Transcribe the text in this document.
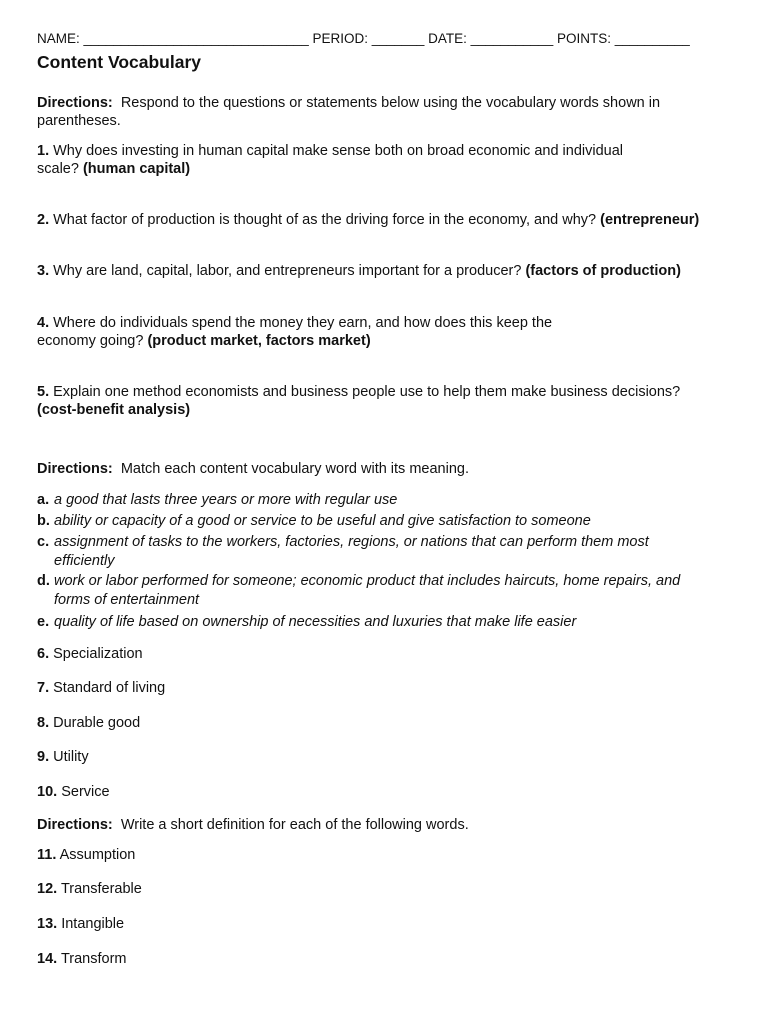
NAME: ______________________________ PERIOD: _______ DATE: ___________ POINTS: __________
Content Vocabulary
Directions: Respond to the questions or statements below using the vocabulary words shown in parentheses.
1. Why does investing in human capital make sense both on broad economic and individual
scale? (human capital)
2. What factor of production is thought of as the driving force in the economy, and why? (entrepreneur)
3. Why are land, capital, labor, and entrepreneurs important for a producer? (factors of production)
4. Where do individuals spend the money they earn, and how does this keep the
economy going? (product market, factors market)
5. Explain one method economists and business people use to help them make business decisions?
(cost-benefit analysis)
Directions: Match each content vocabulary word with its meaning.
a. a good that lasts three years or more with regular use
b. ability or capacity of a good or service to be useful and give satisfaction to someone
c. assignment of tasks to the workers, factories, regions, or nations that can perform them most efficiently
d. work or labor performed for someone; economic product that includes haircuts, home repairs, and forms of entertainment
e. quality of life based on ownership of necessities and luxuries that make life easier
6. Specialization
7. Standard of living
8. Durable good
9. Utility
10. Service
Directions: Write a short definition for each of the following words.
11. Assumption
12. Transferable
13. Intangible
14. Transform
